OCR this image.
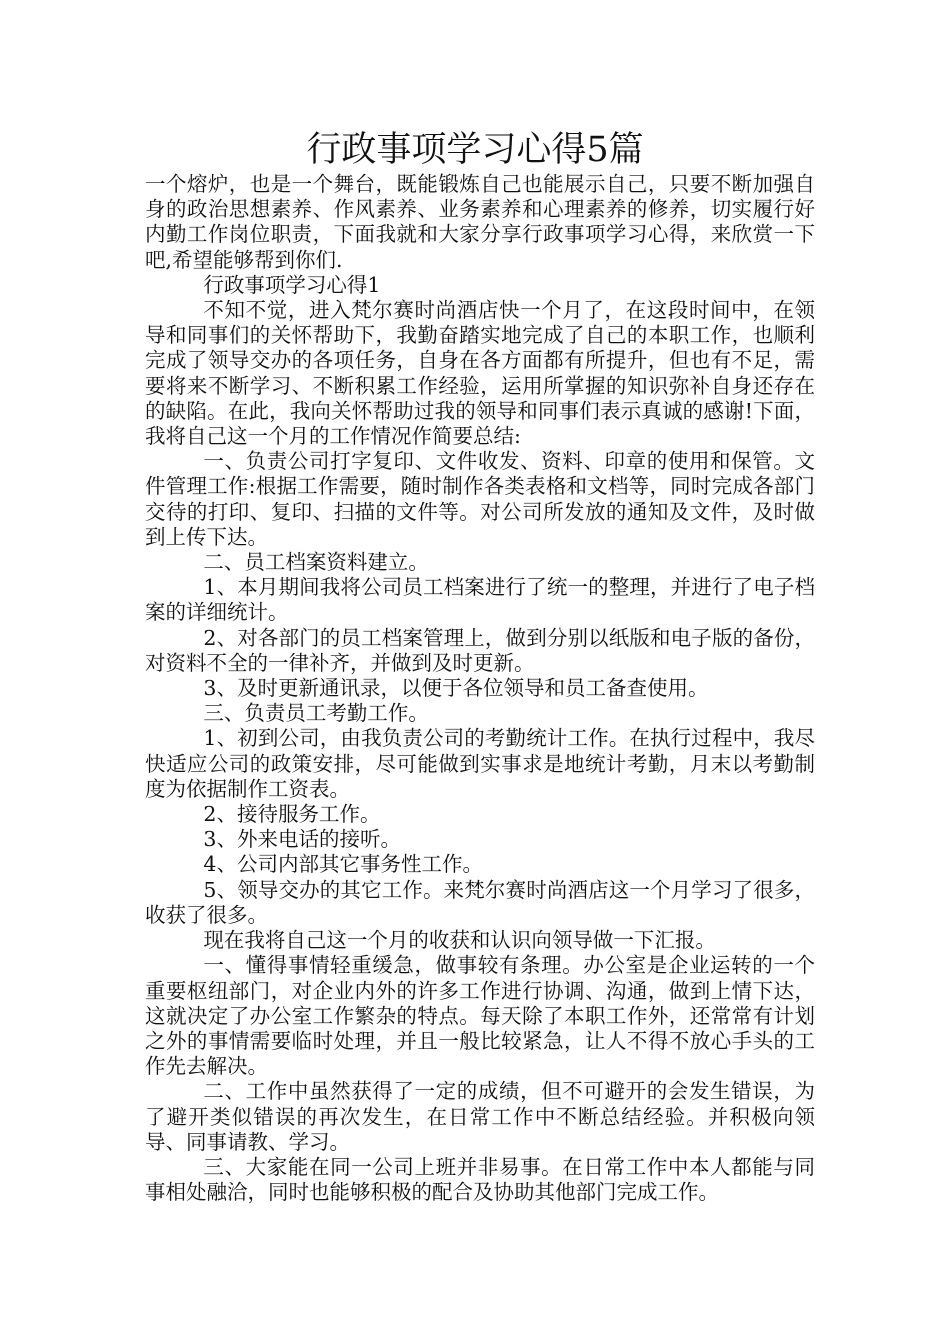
行政事项学习心得5篇

一个熔炉，也是一个舞台，既能锻炼自己也能展示自己，只要不断加强自身的政治思想素养、作风素养、业务素养和心理素养的修养，切实履行好内勤工作岗位职责，下面我就和大家分享行政事项学习心得，来欣赏一下吧,希望能够帮到你们.

行政事项学习心得1

不知不觉，进入梵尔赛时尚酒店快一个月了，在这段时间中，在领导和同事们的关怀帮助下，我勤奋踏实地完成了自己的本职工作，也顺利完成了领导交办的各项任务，自身在各方面都有所提升，但也有不足，需要将来不断学习、不断积累工作经验，运用所掌握的知识弥补自身还存在的缺陷。在此，我向关怀帮助过我的领导和同事们表示真诚的感谢!下面，我将自己这一个月的工作情况作简要总结:

一、负责公司打字复印、文件收发、资料、印章的使用和保管。文件管理工作:根据工作需要，随时制作各类表格和文档等，同时完成各部门交待的打印、复印、扫描的文件等。对公司所发放的通知及文件，及时做到上传下达。

二、员工档案资料建立。

1、本月期间我将公司员工档案进行了统一的整理，并进行了电子档案的详细统计。

2、对各部门的员工档案管理上，做到分别以纸版和电子版的备份，对资料不全的一律补齐，并做到及时更新。

3、及时更新通讯录，以便于各位领导和员工备查使用。

三、负责员工考勤工作。

1、初到公司，由我负责公司的考勤统计工作。在执行过程中，我尽快适应公司的政策安排，尽可能做到实事求是地统计考勤，月末以考勤制度为依据制作工资表。

2、接待服务工作。

3、外来电话的接听。

4、公司内部其它事务性工作。

5、领导交办的其它工作。来梵尔赛时尚酒店这一个月学习了很多，收获了很多。

现在我将自己这一个月的收获和认识向领导做一下汇报。

一、懂得事情轻重缓急，做事较有条理。办公室是企业运转的一个重要枢纽部门，对企业内外的许多工作进行协调、沟通，做到上情下达，这就决定了办公室工作繁杂的特点。每天除了本职工作外，还常常有计划之外的事情需要临时处理，并且一般比较紧急，让人不得不放心手头的工作先去解决。

二、工作中虽然获得了一定的成绩，但不可避开的会发生错误，为了避开类似错误的再次发生，在日常工作中不断总结经验。并积极向领导、同事请教、学习。

三、大家能在同一公司上班并非易事。在日常工作中本人都能与同事相处融洽，同时也能够积极的配合及协助其他部门完成工作。
